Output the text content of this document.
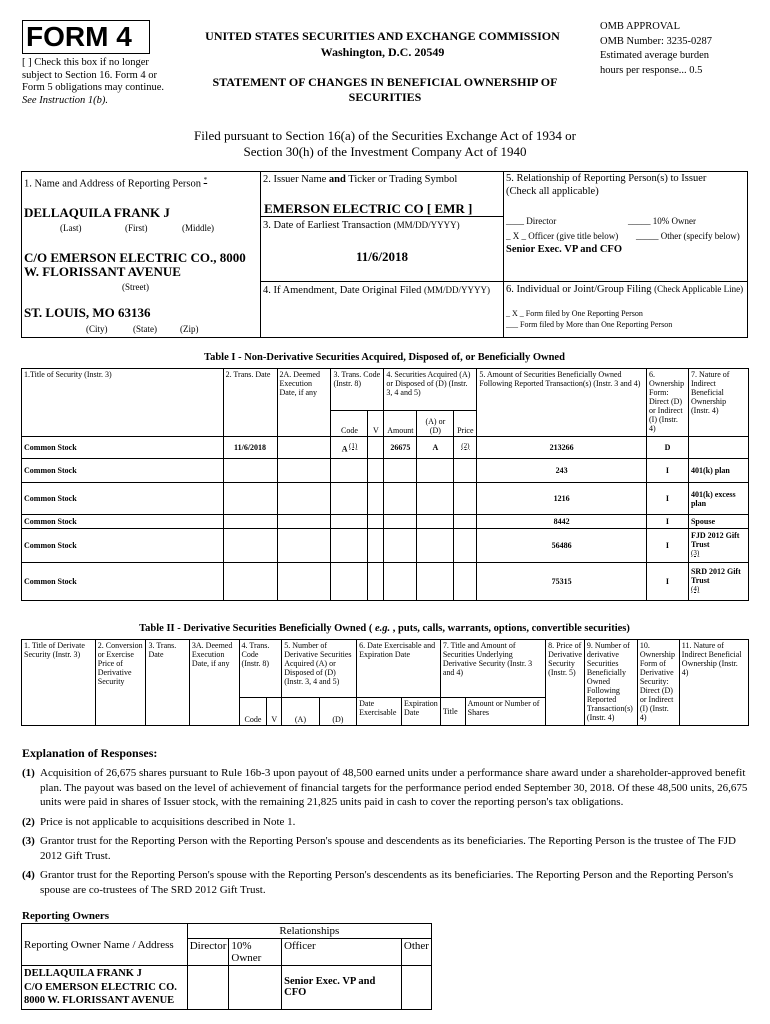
FORM 4
[ ] Check this box if no longer subject to Section 16. Form 4 or Form 5 obligations may continue. See Instruction 1(b).
UNITED STATES SECURITIES AND EXCHANGE COMMISSION
Washington, D.C. 20549
STATEMENT OF CHANGES IN BENEFICIAL OWNERSHIP OF SECURITIES
OMB APPROVAL
OMB Number: 3235-0287
Estimated average burden
hours per response... 0.5
Filed pursuant to Section 16(a) of the Securities Exchange Act of 1934 or
Section 30(h) of the Investment Company Act of 1940
1. Name and Address of Reporting Person *
DELLAQUILA FRANK J
(Last)	(First)	(Middle)
C/O EMERSON ELECTRIC CO., 8000
W. FLORISSANT AVENUE
(Street)
ST. LOUIS, MO 63136
(City)	(State)	(Zip)
2. Issuer Name and Ticker or Trading Symbol
EMERSON ELECTRIC CO [ EMR ]
3. Date of Earliest Transaction (MM/DD/YYYY)
11/6/2018
4. If Amendment, Date Original Filed (MM/DD/YYYY)
5. Relationship of Reporting Person(s) to Issuer
(Check all applicable)
____ Director	_____ 10% Owner
_ X _ Officer (give title below) _____ Other (specify below)
Senior Exec. VP and CFO
6. Individual or Joint/Group Filing (Check Applicable Line)
_ X _ Form filed by One Reporting Person
___ Form filed by More than One Reporting Person
Table I - Non-Derivative Securities Acquired, Disposed of, or Beneficially Owned
1.Title of Security (Instr. 3)	2. Trans. Date	2A. Deemed Execution Date, if any	3. Trans. Code (Instr. 8)		4. Securities Acquired (A) or Disposed of (D) (Instr. 3, 4 and 5)			5. Amount of Securities Beneficially Owned Following Reported Transaction(s) (Instr. 3 and 4)	6. Ownership Form: Direct (D) or Indirect (I) (Instr. 4)	7. Nature of Indirect Beneficial Ownership (Instr. 4)
			Code	V	Amount	(A) or (D)	Price			
Common Stock	11/6/2018		A (1)		26675	A	(2)	213266	D	
Common Stock								243	I	401(k) plan
Common Stock								1216	I	401(k) excess plan
Common Stock								8442	I	Spouse
Common Stock								56486	I	FJD 2012 Gift Trust
(3)
Common Stock								75315	I	SRD 2012 Gift Trust
(4)
Table II - Derivative Securities Beneficially Owned ( e.g. , puts, calls, warrants, options, convertible securities)
1. Title of Derivate Security (Instr. 3)	2. Conversion or Exercise Price of Derivative Security	3. Trans. Date	3A. Deemed Execution Date, if any	4. Trans. Code (Instr. 8)		5. Number of Derivative Securities Acquired (A) or Disposed of (D) (Instr. 3, 4 and 5)		6. Date Exercisable and Expiration Date		7. Title and Amount of Securities Underlying Derivative Security (Instr. 3 and 4)		8. Price of Derivative Security (Instr. 5)	9. Number of derivative Securities Beneficially Owned Following Reported Transaction(s) (Instr. 4)	10. Ownership Form of Derivative Security: Direct (D) or Indirect (I) (Instr. 4)	11. Nature of Indirect Beneficial Ownership (Instr. 4)
				Code	V	(A)	(D)	Date Exercisable	Expiration Date	Title	Amount or Number of Shares				
Explanation of Responses:
(1) Acquisition of 26,675 shares pursuant to Rule 16b-3 upon payout of 48,500 earned units under a performance share award under a shareholder-approved benefit plan. The payout was based on the level of achievement of financial targets for the performance period ended September 30, 2018. Of these 48,500 units, 26,675 units were paid in shares of Issuer stock, with the remaining 21,825 units paid in cash to cover the reporting person's tax obligations.
(2) Price is not applicable to acquisitions described in Note 1.
(3) Grantor trust for the Reporting Person with the Reporting Person's spouse and descendents as its beneficiaries. The Reporting Person is the trustee of The FJD 2012 Gift Trust.
(4) Grantor trust for the Reporting Person's spouse with the Reporting Person's descendents as its beneficiaries. The Reporting Person and the Reporting Person's spouse are co-trustees of The SRD 2012 Gift Trust.
Reporting Owners
Reporting Owner Name / Address	Relationships			
	Director	10% Owner	Officer	Other

DELLAQUILA FRANK J
C/O EMERSON ELECTRIC CO.
8000 W. FLORISSANT AVENUE			Senior Exec. VP and CFO	
